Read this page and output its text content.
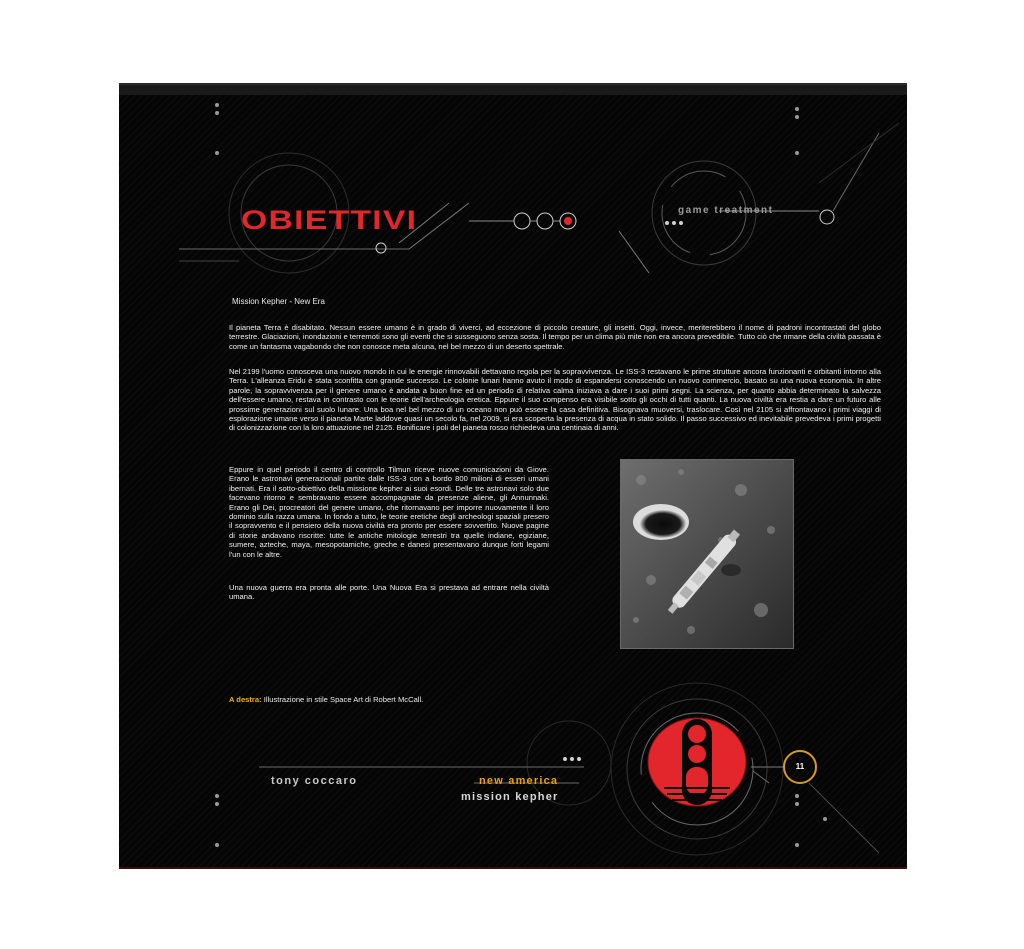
OBIETTIVI	game treatment
Mission Kepher - New Era

Il pianeta Terra è disabitato. Nessun essere umano è in grado di viverci, ad eccezione di piccolo creature, gli insetti. Oggi, invece, meriterebbero il nome di padroni incontrastati del globo terrestre. Glaciazioni, inondazioni e terremoti sono gli eventi che si susseguono senza sosta. Il tempo per un clima più mite non era ancora prevedibile. Tutto ciò che rimane della civiltà passata è come un fantasma vagabondo che non conosce meta alcuna, nel bel mezzo di un deserto spettrale.

Nel 2199 l'uomo conosceva una nuovo mondo in cui le energie rinnovabili dettavano regola per la sopravvivenza. Le ISS-3 restavano le prime strutture ancora funzionanti e orbitanti intorno alla Terra. L'alleanza Eridu è stata sconfitta con grande successo. Le colonie lunari hanno avuto il modo di espandersi conoscendo un nuovo commercio, basato su una nuova economia. In altre parole, la sopravvivenza per il genere umano è andata a buon fine ed un periodo di relativa calma iniziava a dare i suoi primi segni. La scienza, per quanto abbia determinato la salvezza dell'essere umano, restava in contrasto con le teorie dell'archeologia eretica. Eppure il suo compenso era visibile sotto gli occhi di tutti quanti. La nuova civiltà era restia a dare un futuro alle prossime generazioni sul suolo lunare. Una boa nel bel mezzo di un oceano non può essere la casa definitiva. Bisognava muoversi, traslocare. Così nel 2105 si affrontavano i primi viaggi di esplorazione umane verso il pianeta Marte laddove quasi un secolo fa, nel 2009, si era scoperta la presenza di acqua in stato solido. Il passo successivo ed inevitabile prevedeva i primi progetti di colonizzazione con la loro attuazione nel 2125. Bonificare i poli del pianeta rosso richiedeva una centinaia di anni.

Eppure in quel periodo il centro di controllo Tilmun riceve nuove comunicazioni da Giove. Erano le astronavi generazionali partite dalle ISS-3 con a bordo 800 milioni di esseri umani ibernati. Era il sotto-obiettivo della missione kepher ai suoi esordi. Delle tre astronavi solo due facevano ritorno e sembravano essere accompagnate da presenze aliene, gli Annunnaki. Erano gli Dei, procreatori del genere umano, che ritornavano per imporre nuovamente il loro dominio sulla razza umana. In fondo a tutto, le teorie eretiche degli archeologi spaziali presero il sopravvento e il pensiero della nuova civiltà era pronto per essere sovvertito. Nuove pagine di storie andavano riscritte: tutte le antiche mitologie terrestri tra quelle indiane, egiziane, sumere, azteche, maya, mesopotamiche, greche e danesi presentavano dunque forti legami l'un con le altre.

Una nuova guerra era pronta alle porte. Una Nuova Era si prestava ad entrare nella civiltà umana.

A destra: Illustrazione in stile Space Art di Robert McCall.
tony coccaro	new america
mission kepher
11
